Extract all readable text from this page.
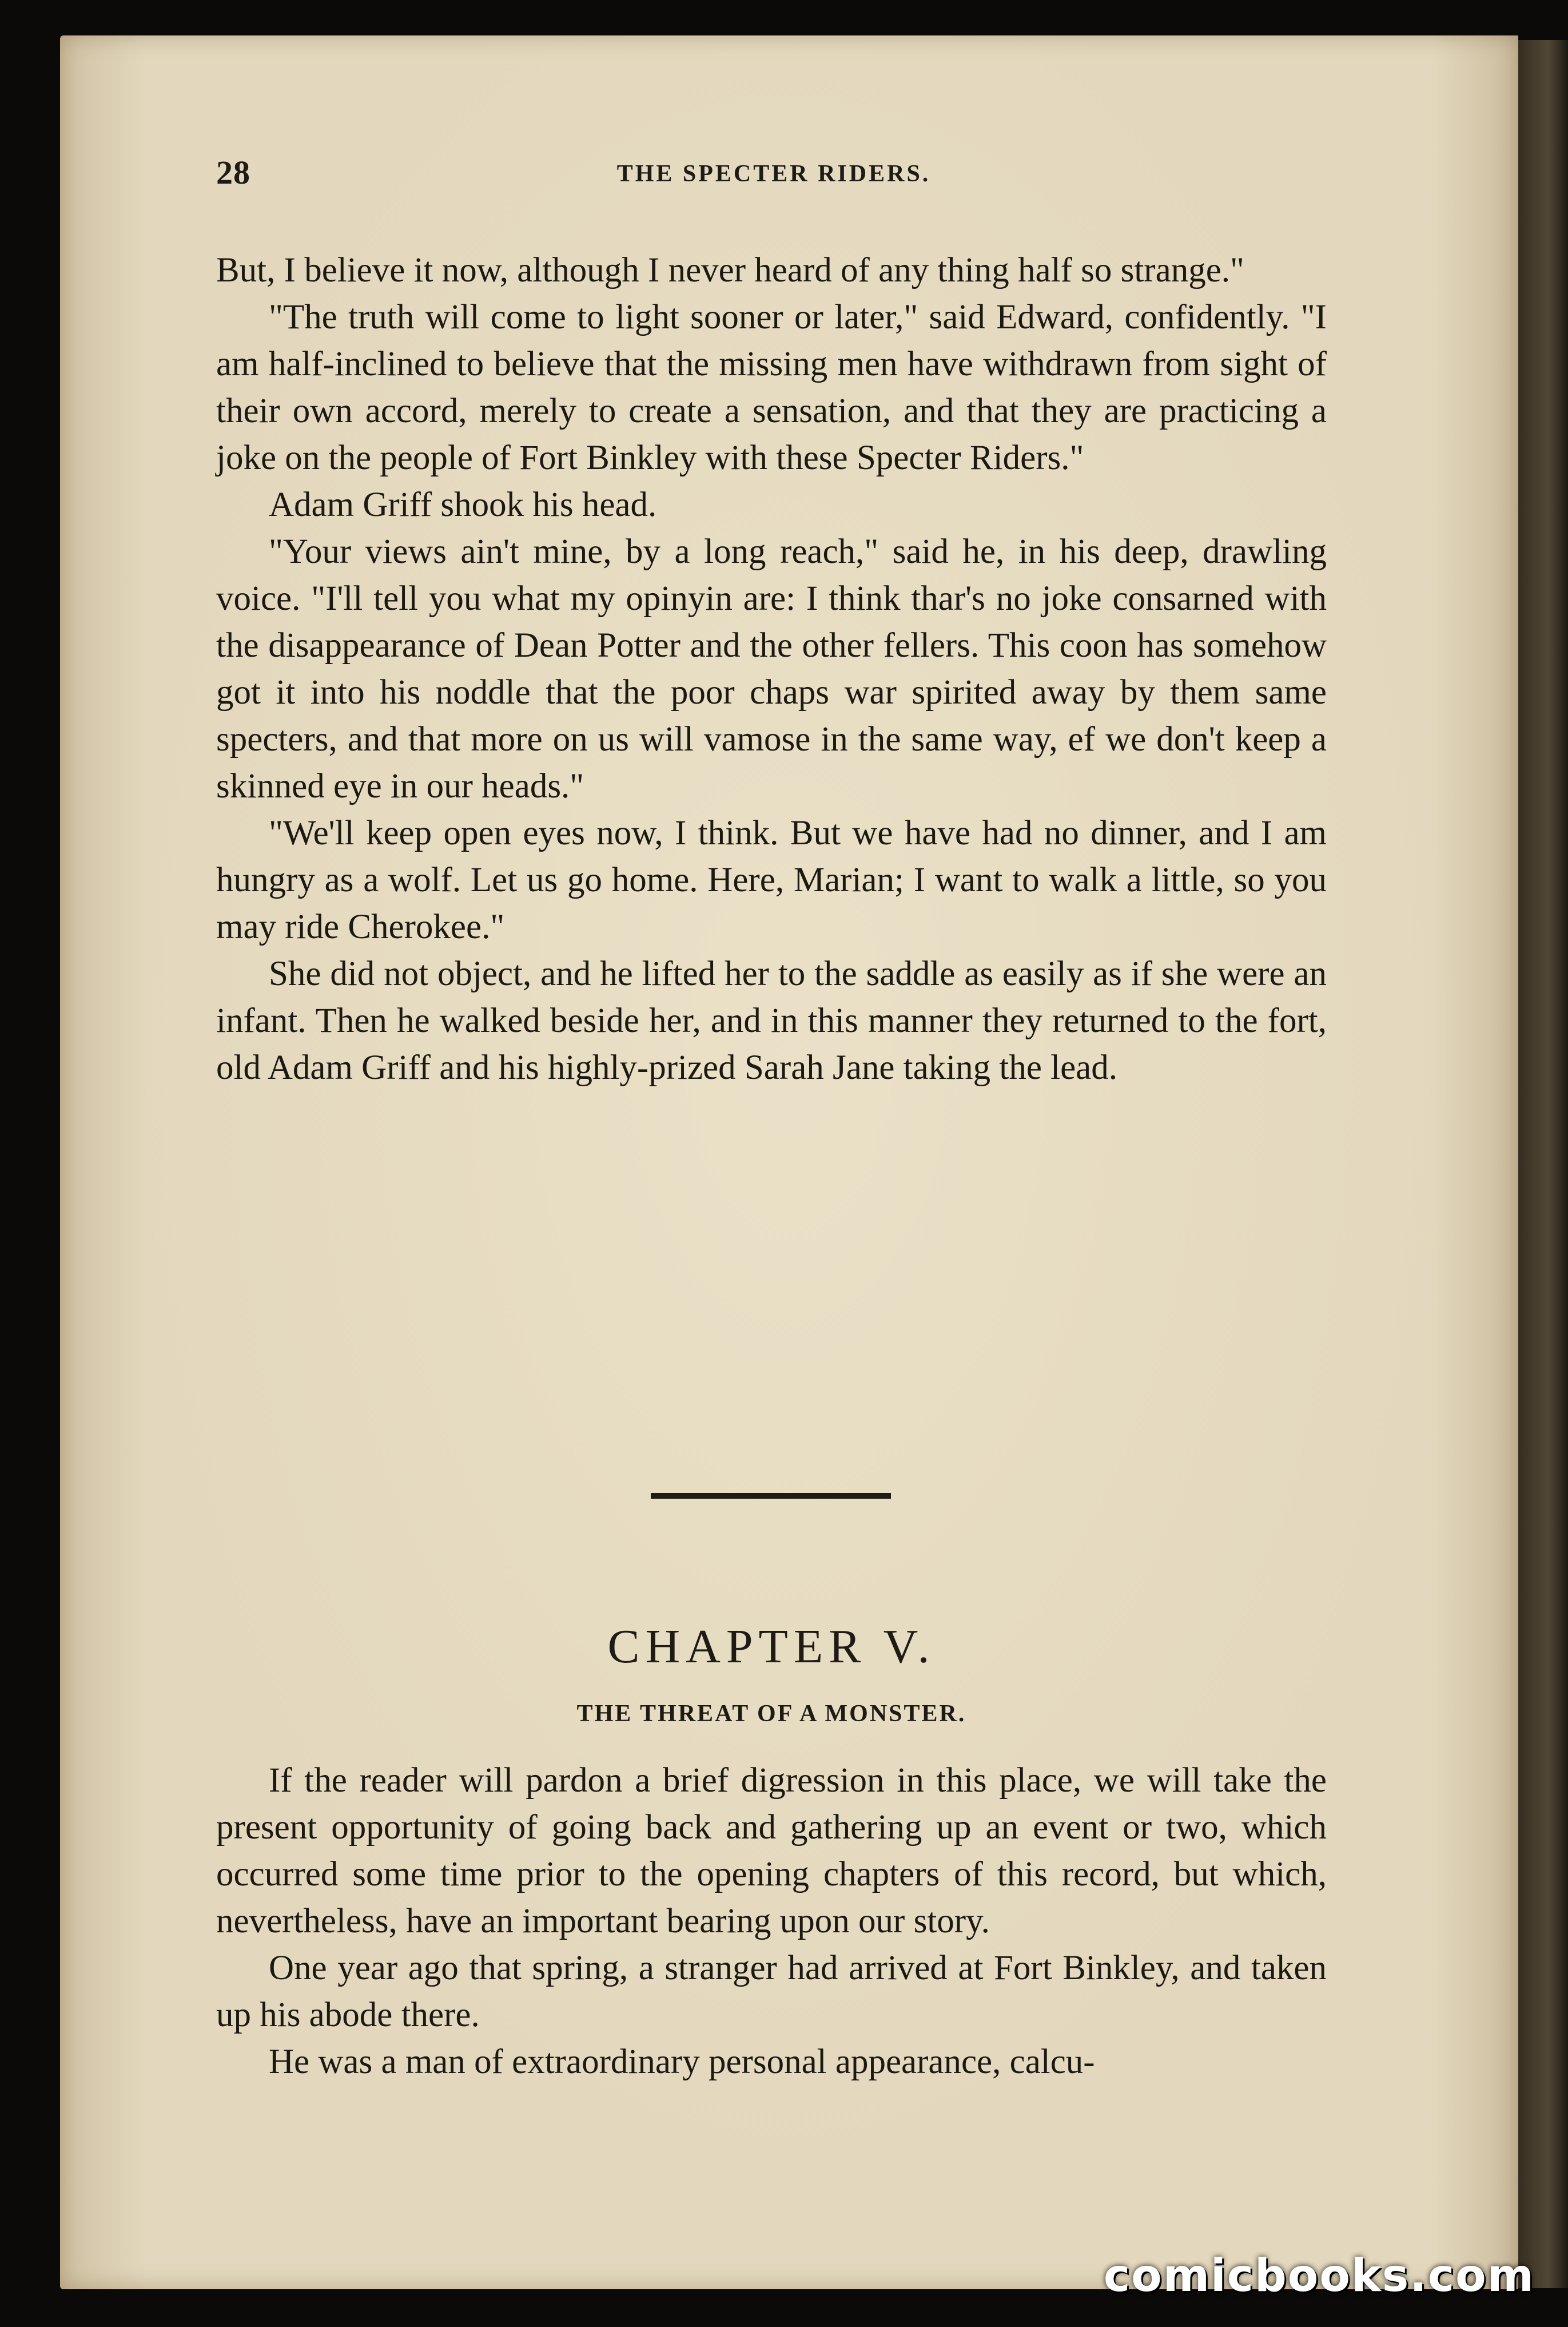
28	THE SPECTER RIDERS.

But, I believe it now, although I never heard of any thing half so strange."

"The truth will come to light sooner or later," said Edward, confidently. "I am half-inclined to believe that the missing men have withdrawn from sight of their own accord, merely to create a sensation, and that they are practicing a joke on the people of Fort Binkley with these Specter Riders."

Adam Griff shook his head.

"Your views ain't mine, by a long reach," said he, in his deep, drawling voice. "I'll tell you what my opinyin are: I think thar's no joke consarned with the disappearance of Dean Potter and the other fellers. This coon has somehow got it into his noddle that the poor chaps war spirited away by them same specters, and that more on us will vamose in the same way, ef we don't keep a skinned eye in our heads."

"We'll keep open eyes now, I think. But we have had no dinner, and I am hungry as a wolf. Let us go home. Here, Marian; I want to walk a little, so you may ride Cherokee."

She did not object, and he lifted her to the saddle as easily as if she were an infant. Then he walked beside her, and in this manner they returned to the fort, old Adam Griff and his highly-prized Sarah Jane taking the lead.

CHAPTER V.
THE THREAT OF A MONSTER.

If the reader will pardon a brief digression in this place, we will take the present opportunity of going back and gathering up an event or two, which occurred some time prior to the opening chapters of this record, but which, nevertheless, have an important bearing upon our story.

One year ago that spring, a stranger had arrived at Fort Binkley, and taken up his abode there.

He was a man of extraordinary personal appearance, calcu-

comicbooks.com
